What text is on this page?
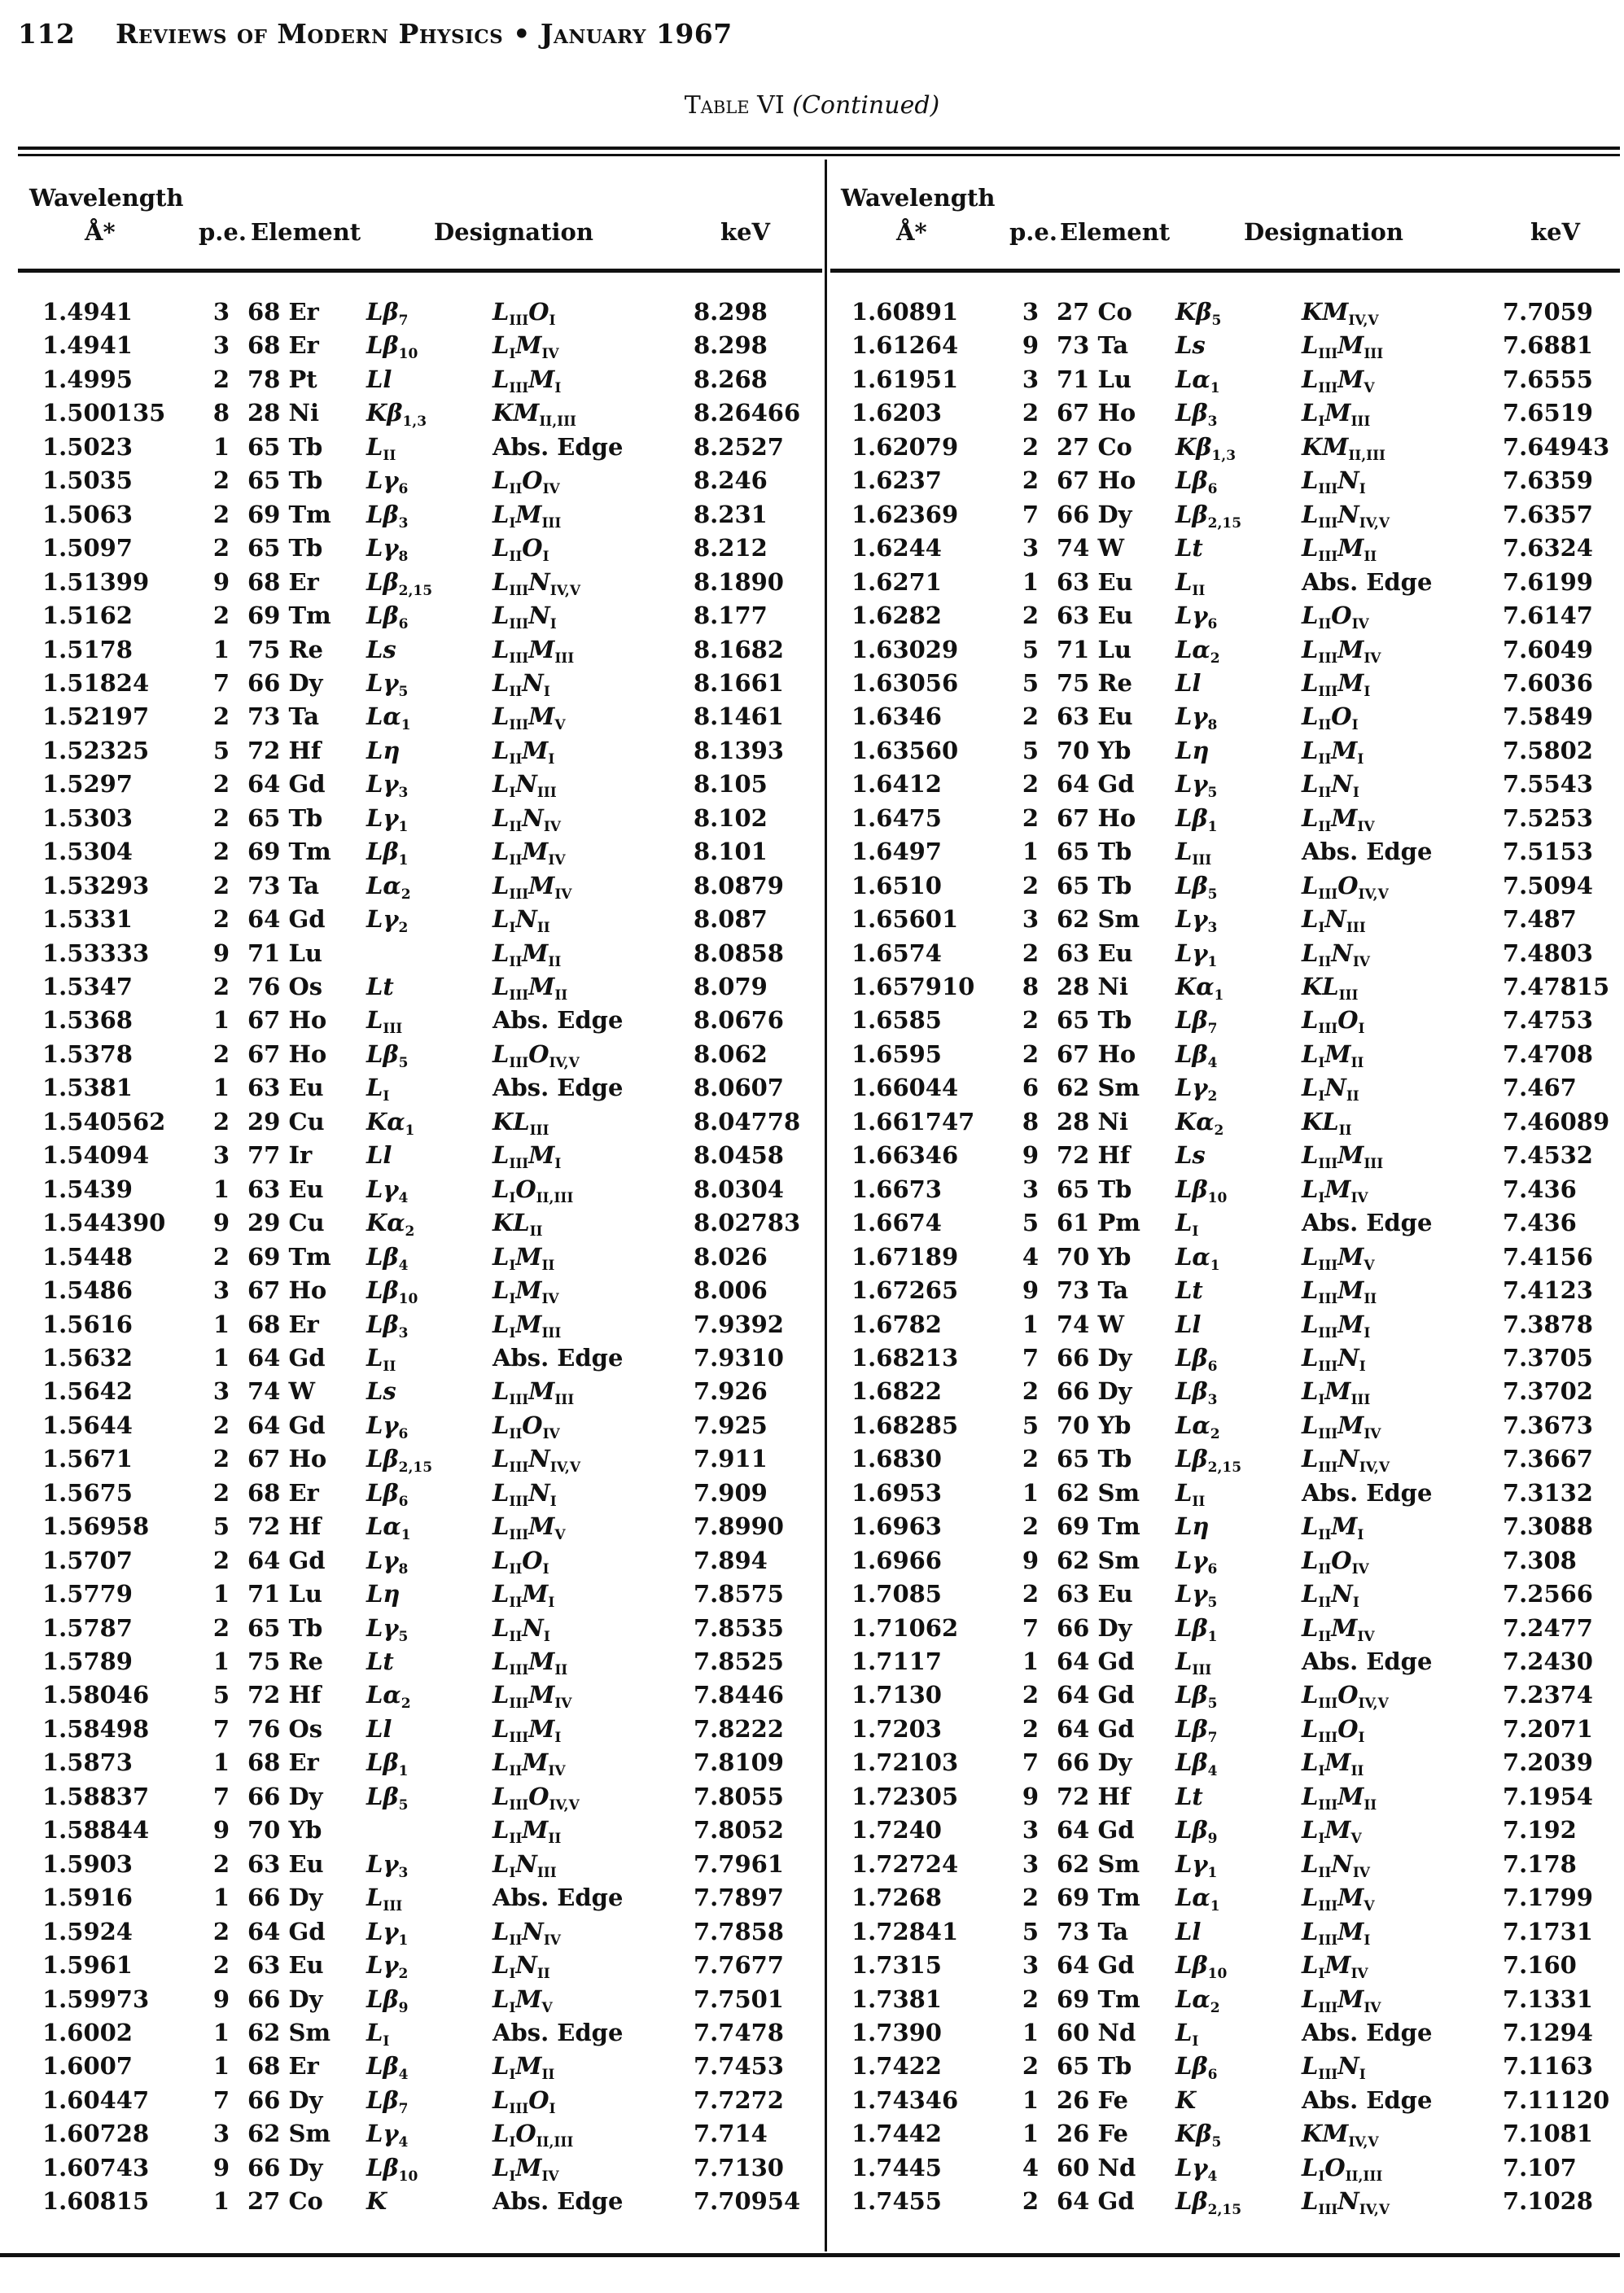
112 Reviews of Modern Physics • January 1967
Table VI (Continued)
Wavelength
Å*	p.e. Element	Designation	keV
Wavelength
Å*	p.e. Element	Designation	keV
1.4941	3 68 Er $L\beta_7$	$L_{III}O_I$	8.298
1.4941	3 68 Er $L\beta_{10}$	$L_IM_{IV}$	8.298
1.4995	2 78 Pt Ll	$L_{III}M_I$	8.268
1.500135	8 28 Ni $K\beta_{1,3}$	$KM_{II,III}$	8.26466
1.5023	1 65 Tb $L_{II}$	Abs. Edge	8.2527
1.5035	2 65 Tb $L\gamma_6$	$L_{II}O_{IV}$	8.246
1.5063	2 69 Tm $L\beta_3$	$L_IM_{III}$	8.231
1.5097	2 65 Tb $L\gamma_8$	$L_{II}O_I$	8.212
1.51399	9 68 Er $L\beta_{2,15}$	$L_{III}N_{IV,V}$	8.1890
1.5162	2 69 Tm $L\beta_6$	$L_{III}N_I$	8.177
1.5178	1 75 Re Ls	$L_{III}M_{III}$	8.1682
1.51824	7 66 Dy $L\gamma_5$	$L_{II}N_I$	8.1661
1.52197	2 73 Ta $L\alpha_1$	$L_{III}M_V$	8.1461
1.52325	5 72 Hf Lη	$L_{II}M_I$	8.1393
1.5297	2 64 Gd $L\gamma_3$	$L_IN_{III}$	8.105
1.5303	2 65 Tb $L\gamma_1$	$L_{II}N_{IV}$	8.102
1.5304	2 69 Tm $L\beta_1$	$L_{II}M_{IV}$	8.101
1.53293	2 73 Ta $L\alpha_2$	$L_{III}M_{IV}$	8.0879
1.5331	2 64 Gd $L\gamma_2$	$L_IN_{II}$	8.087
1.53333	9 71 Lu	$L_{II}M_{II}$	8.0858
1.5347	2 76 Os Lt	$L_{III}M_{II}$	8.079
1.5368	1 67 Ho $L_{III}$	Abs. Edge	8.0676
1.5378	2 67 Ho $L\beta_5$	$L_{III}O_{IV,V}$	8.062
1.5381	1 63 Eu $L_I$	Abs. Edge	8.0607
1.540562	2 29 Cu $K\alpha_1$	$KL_{III}$	8.04778
1.54094	3 77 Ir Ll	$L_{III}M_I$	8.0458
1.5439	1 63 Eu $L\gamma_4$	$L_IO_{II,III}$	8.0304
1.544390	9 29 Cu $K\alpha_2$	$KL_{II}$	8.02783
1.5448	2 69 Tm $L\beta_4$	$L_IM_{II}$	8.026
1.5486	3 67 Ho $L\beta_{10}$	$L_IM_{IV}$	8.006
1.5616	1 68 Er $L\beta_3$	$L_IM_{III}$	7.9392
1.5632	1 64 Gd $L_{II}$	Abs. Edge	7.9310
1.5642	3 74 W Ls	$L_{III}M_{III}$	7.926
1.5644	2 64 Gd $L\gamma_6$	$L_{II}O_{IV}$	7.925
1.5671	2 67 Ho $L\beta_{2,15}$	$L_{III}N_{IV,V}$	7.911
1.5675	2 68 Er $L\beta_6$	$L_{III}N_I$	7.909
1.56958	5 72 Hf $L\alpha_1$	$L_{III}M_V$	7.8990
1.5707	2 64 Gd $L\gamma_8$	$L_{II}O_I$	7.894
1.5779	1 71 Lu Lη	$L_{II}M_I$	7.8575
1.5787	2 65 Tb $L\gamma_5$	$L_{II}N_I$	7.8535
1.5789	1 75 Re Lt	$L_{III}M_{II}$	7.8525
1.58046	5 72 Hf $L\alpha_2$	$L_{III}M_{IV}$	7.8446
1.58498	7 76 Os Ll	$L_{III}M_I$	7.8222
1.5873	1 68 Er $L\beta_1$	$L_{II}M_{IV}$	7.8109
1.58837	7 66 Dy $L\beta_5$	$L_{III}O_{IV,V}$	7.8055
1.58844	9 70 Yb	$L_{II}M_{II}$	7.8052
1.5903	2 63 Eu $L\gamma_3$	$L_IN_{III}$	7.7961
1.5916	1 66 Dy $L_{III}$	Abs. Edge	7.7897
1.5924	2 64 Gd $L\gamma_1$	$L_{II}N_{IV}$	7.7858
1.5961	2 63 Eu $L\gamma_2$	$L_IN_{II}$	7.7677
1.59973	9 66 Dy $L\beta_9$	$L_IM_V$	7.7501
1.6002	1 62 Sm $L_I$	Abs. Edge	7.7478
1.6007	1 68 Er $L\beta_4$	$L_IM_{II}$	7.7453
1.60447	7 66 Dy $L\beta_7$	$L_{III}O_I$	7.7272
1.60728	3 62 Sm $L\gamma_4$	$L_IO_{II,III}$	7.714
1.60743	9 66 Dy $L\beta_{10}$	$L_IM_{IV}$	7.7130
1.60815	1 27 Co K	Abs. Edge	7.70954
1.60891	3 27 Co $K\beta_5$	$KM_{IV,V}$	7.7059
1.61264	9 73 Ta Ls	$L_{III}M_{III}$	7.6881
1.61951	3 71 Lu $L\alpha_1$	$L_{III}M_V$	7.6555
1.6203	2 67 Ho $L\beta_3$	$L_IM_{III}$	7.6519
1.62079	2 27 Co $K\beta_{1,3}$	$KM_{II,III}$	7.64943
1.6237	2 67 Ho $L\beta_6$	$L_{III}N_I$	7.6359
1.62369	7 66 Dy $L\beta_{2,15}$	$L_{III}N_{IV,V}$	7.6357
1.6244	3 74 W Lt	$L_{III}M_{II}$	7.6324
1.6271	1 63 Eu $L_{II}$	Abs. Edge	7.6199
1.6282	2 63 Eu $L\gamma_6$	$L_{II}O_{IV}$	7.6147
1.63029	5 71 Lu $L\alpha_2$	$L_{III}M_{IV}$	7.6049
1.63056	5 75 Re Ll	$L_{III}M_I$	7.6036
1.6346	2 63 Eu $L\gamma_8$	$L_{II}O_I$	7.5849
1.63560	5 70 Yb Lη	$L_{II}M_I$	7.5802
1.6412	2 64 Gd $L\gamma_5$	$L_{II}N_I$	7.5543
1.6475	2 67 Ho $L\beta_1$	$L_{II}M_{IV}$	7.5253
1.6497	1 65 Tb $L_{III}$	Abs. Edge	7.5153
1.6510	2 65 Tb $L\beta_5$	$L_{III}O_{IV,V}$	7.5094
1.65601	3 62 Sm $L\gamma_3$	$L_IN_{III}$	7.487
1.6574	2 63 Eu $L\gamma_1$	$L_{II}N_{IV}$	7.4803
1.657910	8 28 Ni $K\alpha_1$	$KL_{III}$	7.47815
1.6585	2 65 Tb $L\beta_7$	$L_{III}O_I$	7.4753
1.6595	2 67 Ho $L\beta_4$	$L_IM_{II}$	7.4708
1.66044	6 62 Sm $L\gamma_2$	$L_IN_{II}$	7.467
1.661747	8 28 Ni $K\alpha_2$	$KL_{II}$	7.46089
1.66346	9 72 Hf Ls	$L_{III}M_{III}$	7.4532
1.6673	3 65 Tb $L\beta_{10}$	$L_IM_{IV}$	7.436
1.6674	5 61 Pm $L_I$	Abs. Edge	7.436
1.67189	4 70 Yb $L\alpha_1$	$L_{III}M_V$	7.4156
1.67265	9 73 Ta Lt	$L_{III}M_{II}$	7.4123
1.6782	1 74 W Ll	$L_{III}M_I$	7.3878
1.68213	7 66 Dy $L\beta_6$	$L_{III}N_I$	7.3705
1.6822	2 66 Dy $L\beta_3$	$L_IM_{III}$	7.3702
1.68285	5 70 Yb $L\alpha_2$	$L_{III}M_{IV}$	7.3673
1.6830	2 65 Tb $L\beta_{2,15}$	$L_{III}N_{IV,V}$	7.3667
1.6953	1 62 Sm $L_{II}$	Abs. Edge	7.3132
1.6963	2 69 Tm Lη	$L_{II}M_I$	7.3088
1.6966	9 62 Sm $L\gamma_6$	$L_{II}O_{IV}$	7.308
1.7085	2 63 Eu $L\gamma_5$	$L_{II}N_I$	7.2566
1.71062	7 66 Dy $L\beta_1$	$L_{II}M_{IV}$	7.2477
1.7117	1 64 Gd $L_{III}$	Abs. Edge	7.2430
1.7130	2 64 Gd $L\beta_5$	$L_{III}O_{IV,V}$	7.2374
1.7203	2 64 Gd $L\beta_7$	$L_{III}O_I$	7.2071
1.72103	7 66 Dy $L\beta_4$	$L_IM_{II}$	7.2039
1.72305	9 72 Hf Lt	$L_{III}M_{II}$	7.1954
1.7240	3 64 Gd $L\beta_9$	$L_IM_V$	7.192
1.72724	3 62 Sm $L\gamma_1$	$L_{II}N_{IV}$	7.178
1.7268	2 69 Tm $L\alpha_1$	$L_{III}M_V$	7.1799
1.72841	5 73 Ta Ll	$L_{III}M_I$	7.1731
1.7315	3 64 Gd $L\beta_{10}$	$L_IM_{IV}$	7.160
1.7381	2 69 Tm $L\alpha_2$	$L_{III}M_{IV}$	7.1331
1.7390	1 60 Nd $L_I$	Abs. Edge	7.1294
1.7422	2 65 Tb $L\beta_6$	$L_{III}N_I$	7.1163
1.74346	1 26 Fe K	Abs. Edge	7.11120
1.7442	1 26 Fe $K\beta_5$	$KM_{IV,V}$	7.1081
1.7445	4 60 Nd $L\gamma_4$	$L_IO_{II,III}$	7.107
1.7455	2 64 Gd $L\beta_{2,15}$	$L_{III}N_{IV,V}$	7.1028
